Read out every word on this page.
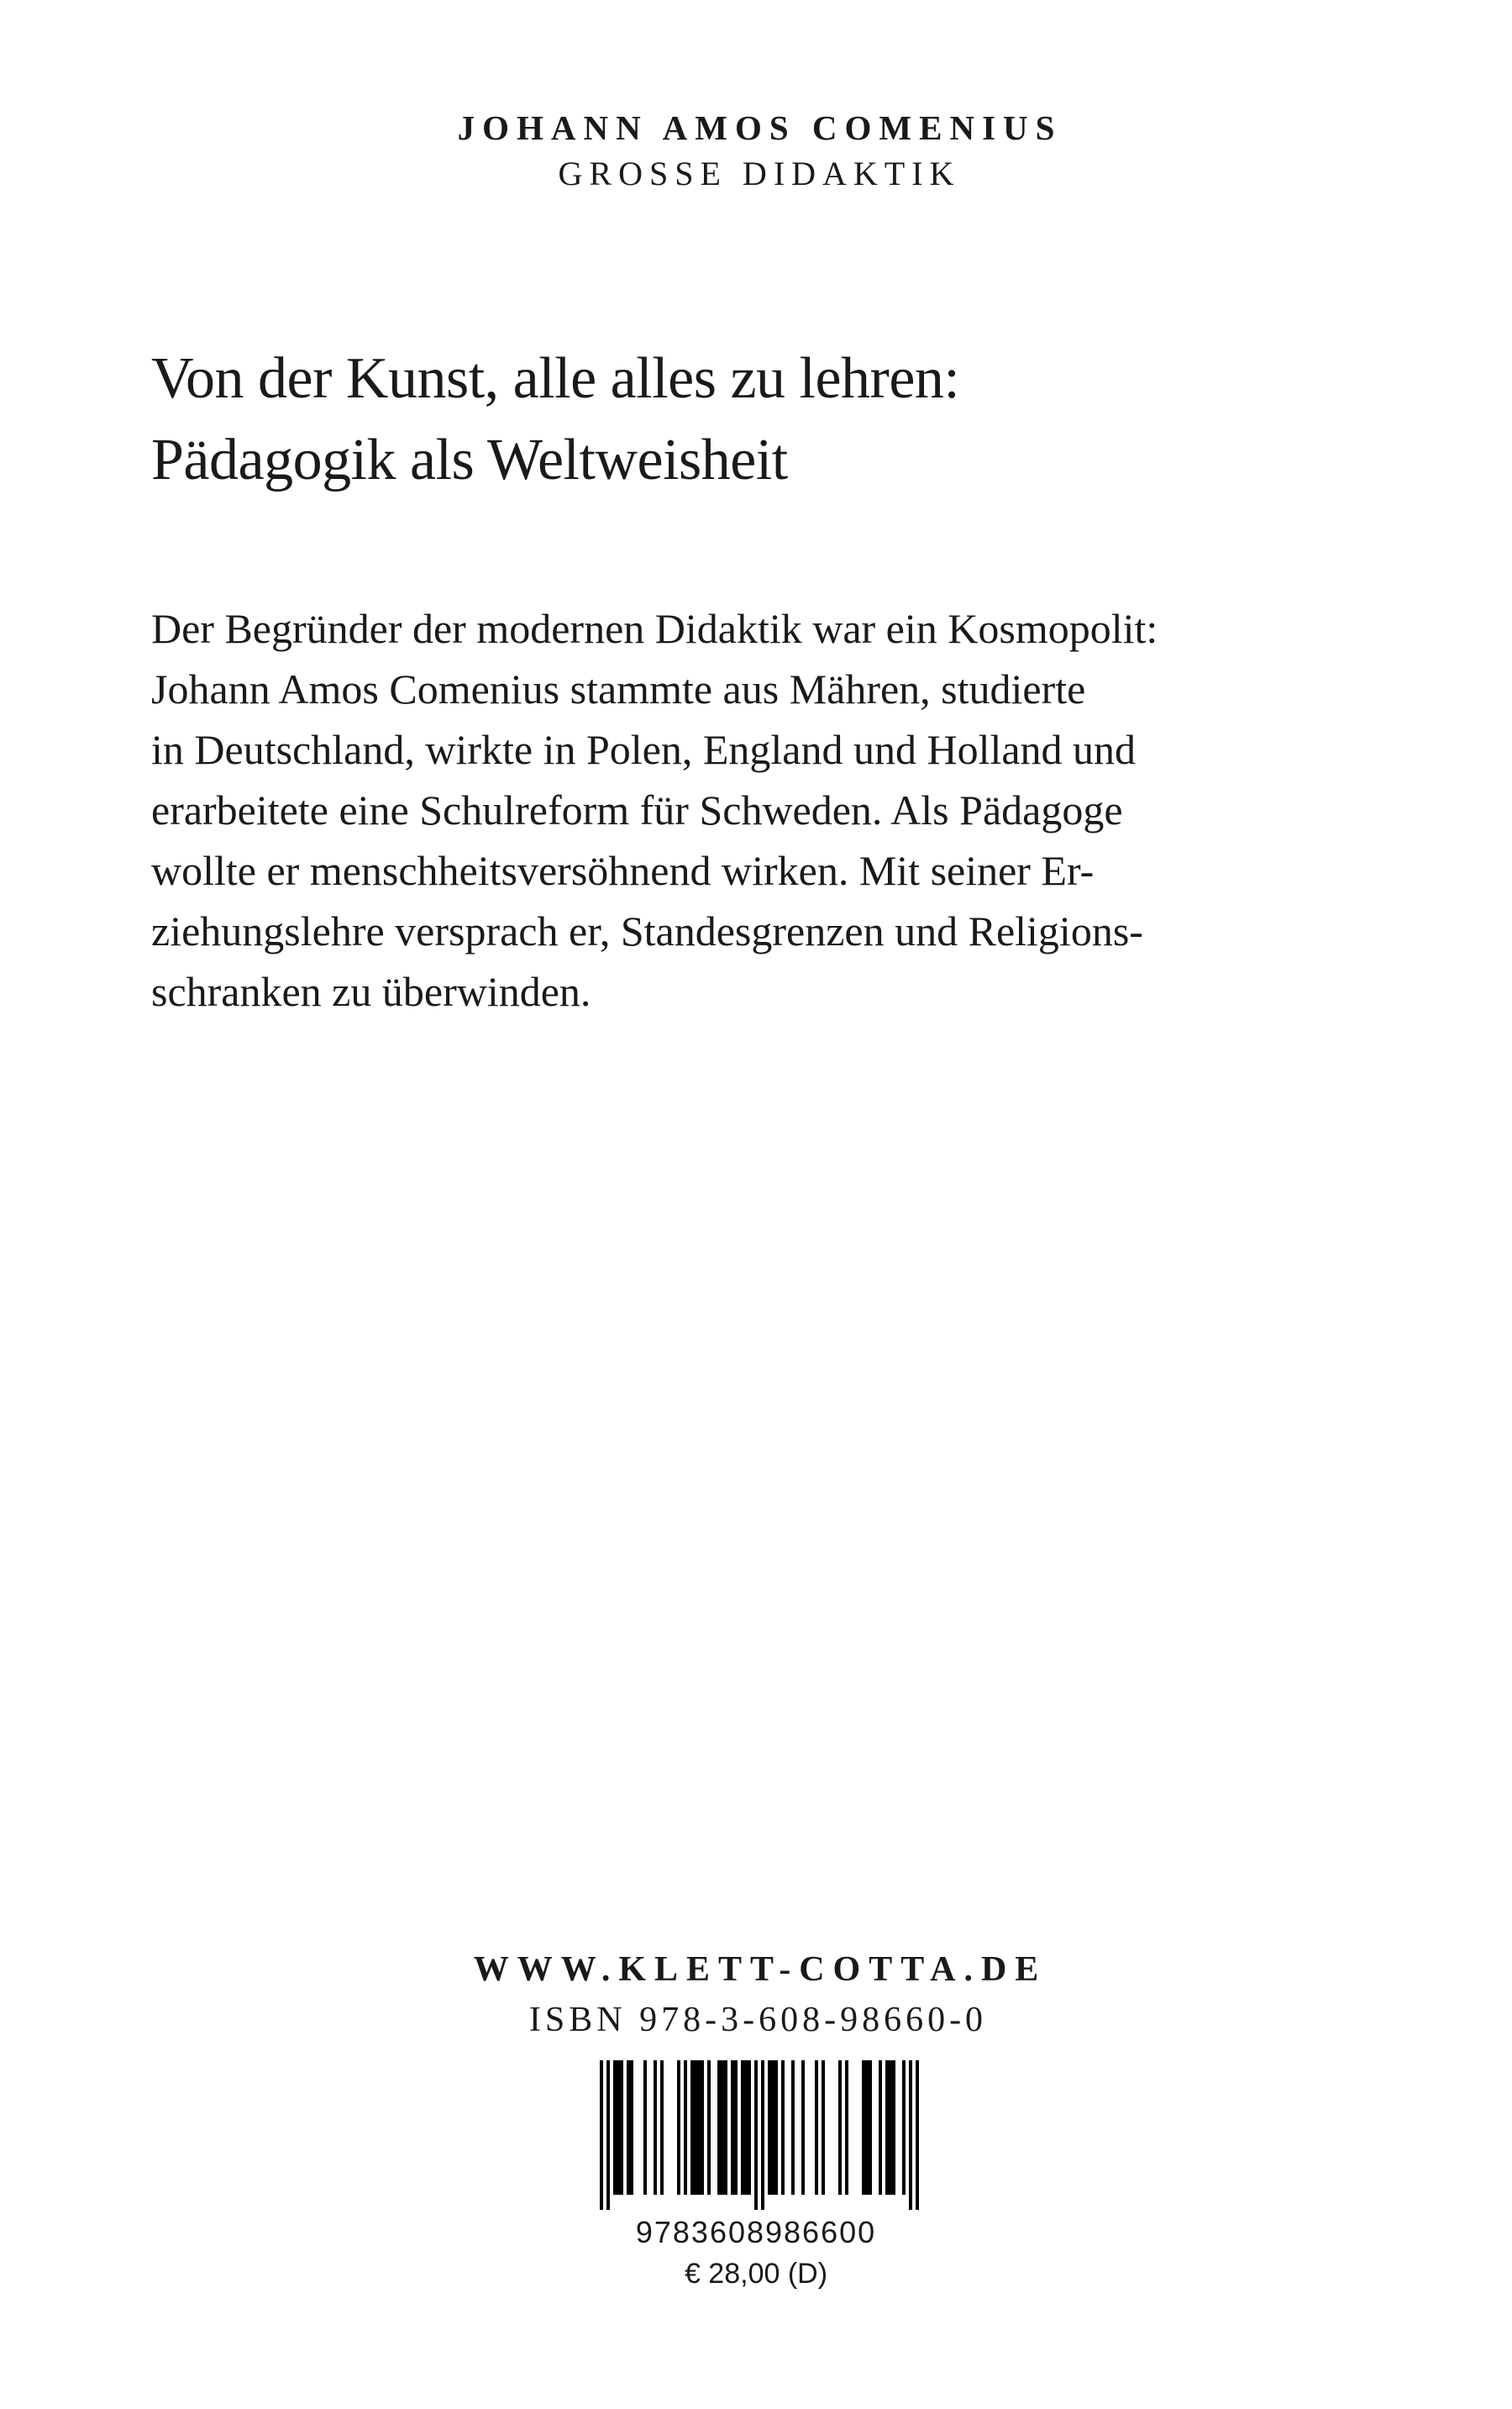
JOHANN AMOS COMENIUS
GROSSE DIDAKTIK
Von der Kunst, alle alles zu lehren:
Pädagogik als Weltweisheit
Der Begründer der modernen Didaktik war ein Kosmopolit:
Johann Amos Comenius stammte aus Mähren, studierte
in Deutschland, wirkte in Polen, England und Holland und
erarbeitete eine Schulreform für Schweden. Als Pädagoge
wollte er menschheitsversöhnend wirken. Mit seiner Er-
ziehungslehre versprach er, Standesgrenzen und Religions-
schranken zu überwinden.
WWW.KLETT-COTTA.DE
ISBN 978-3-608-98660-0
9783608986600
€ 28,00 (D)
